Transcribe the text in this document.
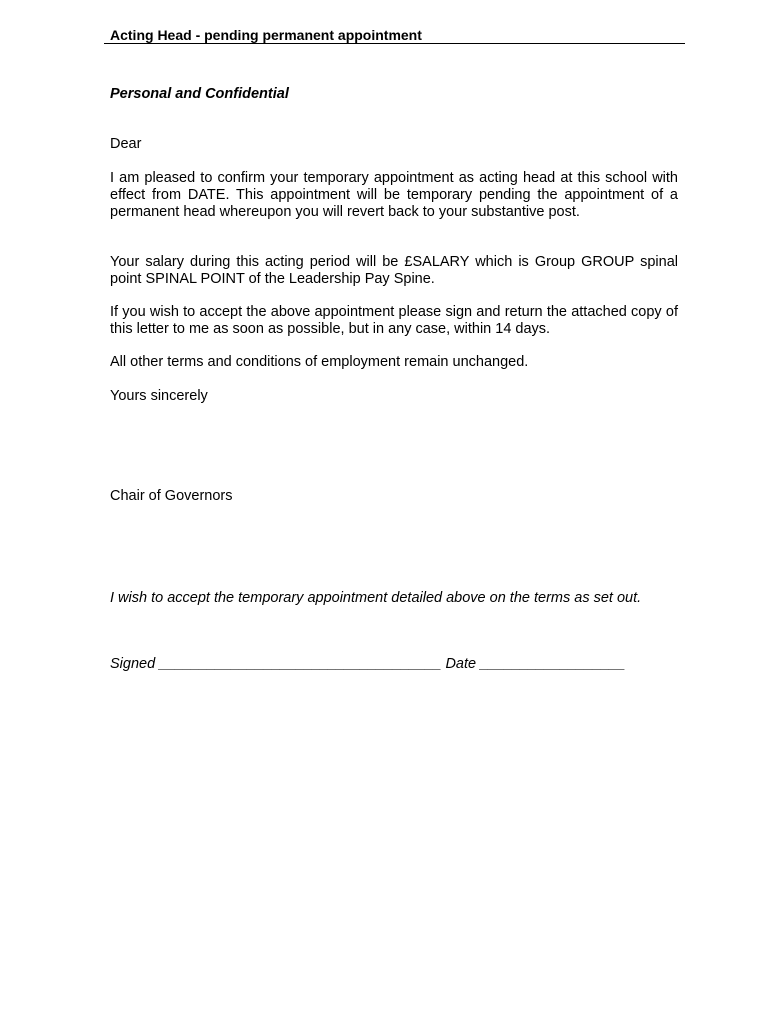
Acting Head - pending permanent appointment

Personal and Confidential

Dear

I am pleased to confirm your temporary appointment as acting head at this school with effect from DATE. This appointment will be temporary pending the appointment of a permanent head whereupon you will revert back to your substantive post.

Your salary during this acting period will be £SALARY which is Group GROUP spinal point SPINAL POINT of the Leadership Pay Spine.

If you wish to accept the above appointment please sign and return the attached copy of this letter to me as soon as possible, but in any case, within 14 days.

All other terms and conditions of employment remain unchanged.

Yours sincerely

Chair of Governors

I wish to accept the temporary appointment detailed above on the terms as set out.

Signed ___________________________________ Date __________________
